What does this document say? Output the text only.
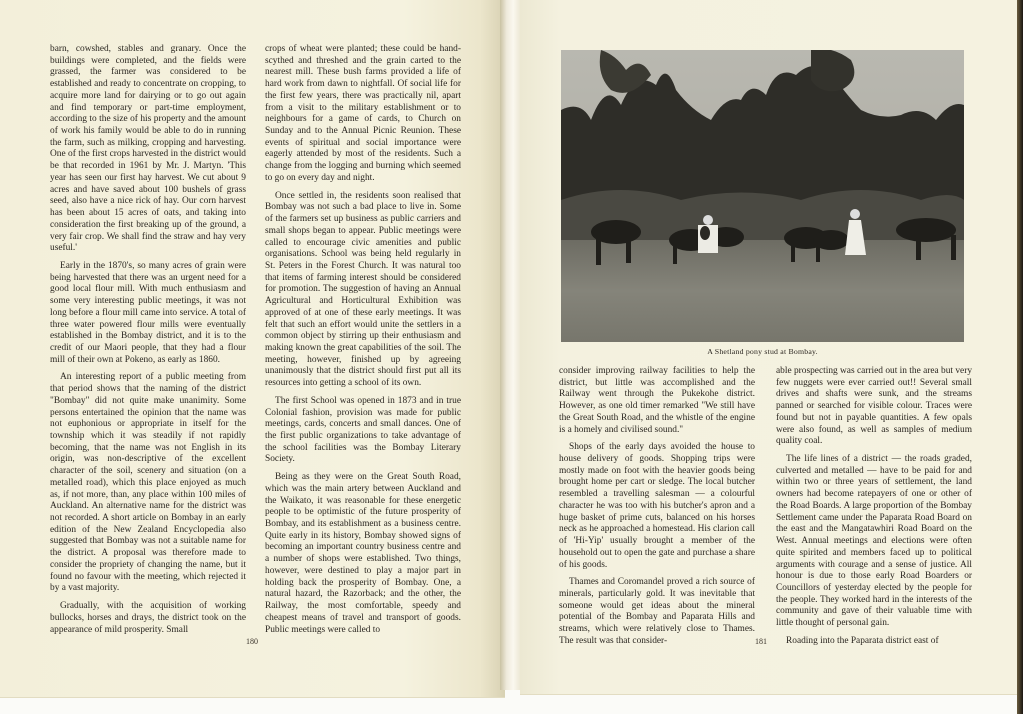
barn, cowshed, stables and granary. Once the buildings were completed, and the fields were grassed, the farmer was considered to be established and ready to concentrate on cropping, to acquire more land for dairying or to go out again and find temporary or part-time employment, according to the size of his property and the amount of work his family would be able to do in running the farm, such as milking, cropping and harvesting. One of the first crops harvested in the district would be that recorded in 1961 by Mr. J. Martyn. 'This year has seen our first hay harvest. We cut about 9 acres and have saved about 100 bushels of grass seed, also have a nice rick of hay. Our corn harvest has been about 15 acres of oats, and taking into consideration the first breaking up of the ground, a very fair crop. We shall find the straw and hay very useful.'

Early in the 1870's, so many acres of grain were being harvested that there was an urgent need for a good local flour mill. With much enthusiasm and some very interesting public meetings, it was not long before a flour mill came into service. A total of three water powered flour mills were eventually established in the Bombay district, and it is to the credit of our Maori people, that they had a flour mill of their own at Pokeno, as early as 1860.

An interesting report of a public meeting from that period shows that the naming of the district "Bombay" did not quite make unanimity. Some persons entertained the opinion that the name was not euphonious or appropriate in itself for the township which it was steadily if not rapidly becoming, that the name was not English in its origin, was non-descriptive of the excellent character of the soil, scenery and situation (on a metalled road), which this place enjoyed as much as, if not more, than, any place within 100 miles of Auckland. An alternative name for the district was not recorded. A short article on Bombay in an early edition of the New Zealand Encyclopedia also suggested that Bombay was not a suitable name for the district. A proposal was therefore made to consider the propriety of changing the name, but it found no favour with the meeting, which rejected it by a vast majority.

Gradually, with the acquisition of working bullocks, horses and drays, the district took on the appearance of mild prosperity. Small

crops of wheat were planted; these could be hand-scythed and threshed and the grain carted to the nearest mill. These bush farms provided a life of hard work from dawn to nightfall. Of social life for the first few years, there was practically nil, apart from a visit to the military establishment or to neighbours for a game of cards, to Church on Sunday and to the Annual Picnic Reunion. These events of spiritual and social importance were eagerly attended by most of the residents. Such a change from the logging and burning which seemed to go on every day and night.

Once settled in, the residents soon realised that Bombay was not such a bad place to live in. Some of the farmers set up business as public carriers and small shops began to appear. Public meetings were called to encourage civic amenities and public organisations. School was being held regularly in St. Peters in the Forest Church. It was natural too that items of farming interest should be considered for promotion. The suggestion of having an Annual Agricultural and Horticultural Exhibition was approved of at one of these early meetings. It was felt that such an effort would unite the settlers in a common object by stirring up their enthusiasm and making known the great capabilities of the soil. The meeting, however, finished up by agreeing unanimously that the district should first put all its resources into getting a school of its own.

The first School was opened in 1873 and in true Colonial fashion, provision was made for public meetings, cards, concerts and small dances. One of the first public organizations to take advantage of the school facilities was the Bombay Literary Society.

Being as they were on the Great South Road, which was the main artery between Auckland and the Waikato, it was reasonable for these energetic people to be optimistic of the future prosperity of Bombay, and its establishment as a business centre. Quite early in its history, Bombay showed signs of becoming an important country business centre and a number of shops were established. Two things, however, were destined to play a major part in holding back the prosperity of Bombay. One, a natural hazard, the Razorback; and the other, the Railway, the most comfortable, speedy and cheapest means of travel and transport of goods. Public meetings were called to

180
A Shetland pony stud at Bombay.

consider improving railway facilities to help the district, but little was accomplished and the Railway went through the Pukekohe district. However, as one old timer remarked "We still have the Great South Road, and the whistle of the engine is a homely and civilised sound."

Shops of the early days avoided the house to house delivery of goods. Shopping trips were mostly made on foot with the heavier goods being brought home per cart or sledge. The local butcher resembled a travelling salesman — a colourful character he was too with his butcher's apron and a huge basket of prime cuts, balanced on his horses neck as he approached a homestead. His clarion call of 'Hi-Yip' usually brought a member of the household out to open the gate and purchase a share of his goods.

Thames and Coromandel proved a rich source of minerals, particularly gold. It was inevitable that someone would get ideas about the mineral potential of the Bombay and Paparata Hills and streams, which were relatively close to Thames. The result was that consider-

able prospecting was carried out in the area but very few nuggets were ever carried out!! Several small drives and shafts were sunk, and the streams panned or searched for visible colour. Traces were found but not in payable quantities. A few opals were also found, as well as samples of medium quality coal.

The life lines of a district — the roads graded, culverted and metalled — have to be paid for and within two or three years of settlement, the land owners had become ratepayers of one or other of the Road Boards. A large proportion of the Bombay Settlement came under the Paparata Road Board on the east and the Mangatawhiri Road Board on the West. Annual meetings and elections were often quite spirited and members faced up to political arguments with courage and a sense of justice. All honour is due to those early Road Boarders or Councillors of yesterday elected by the people for the people. They worked hard in the interests of the community and gave of their valuable time with little thought of personal gain.

Roading into the Paparata district east of

181
